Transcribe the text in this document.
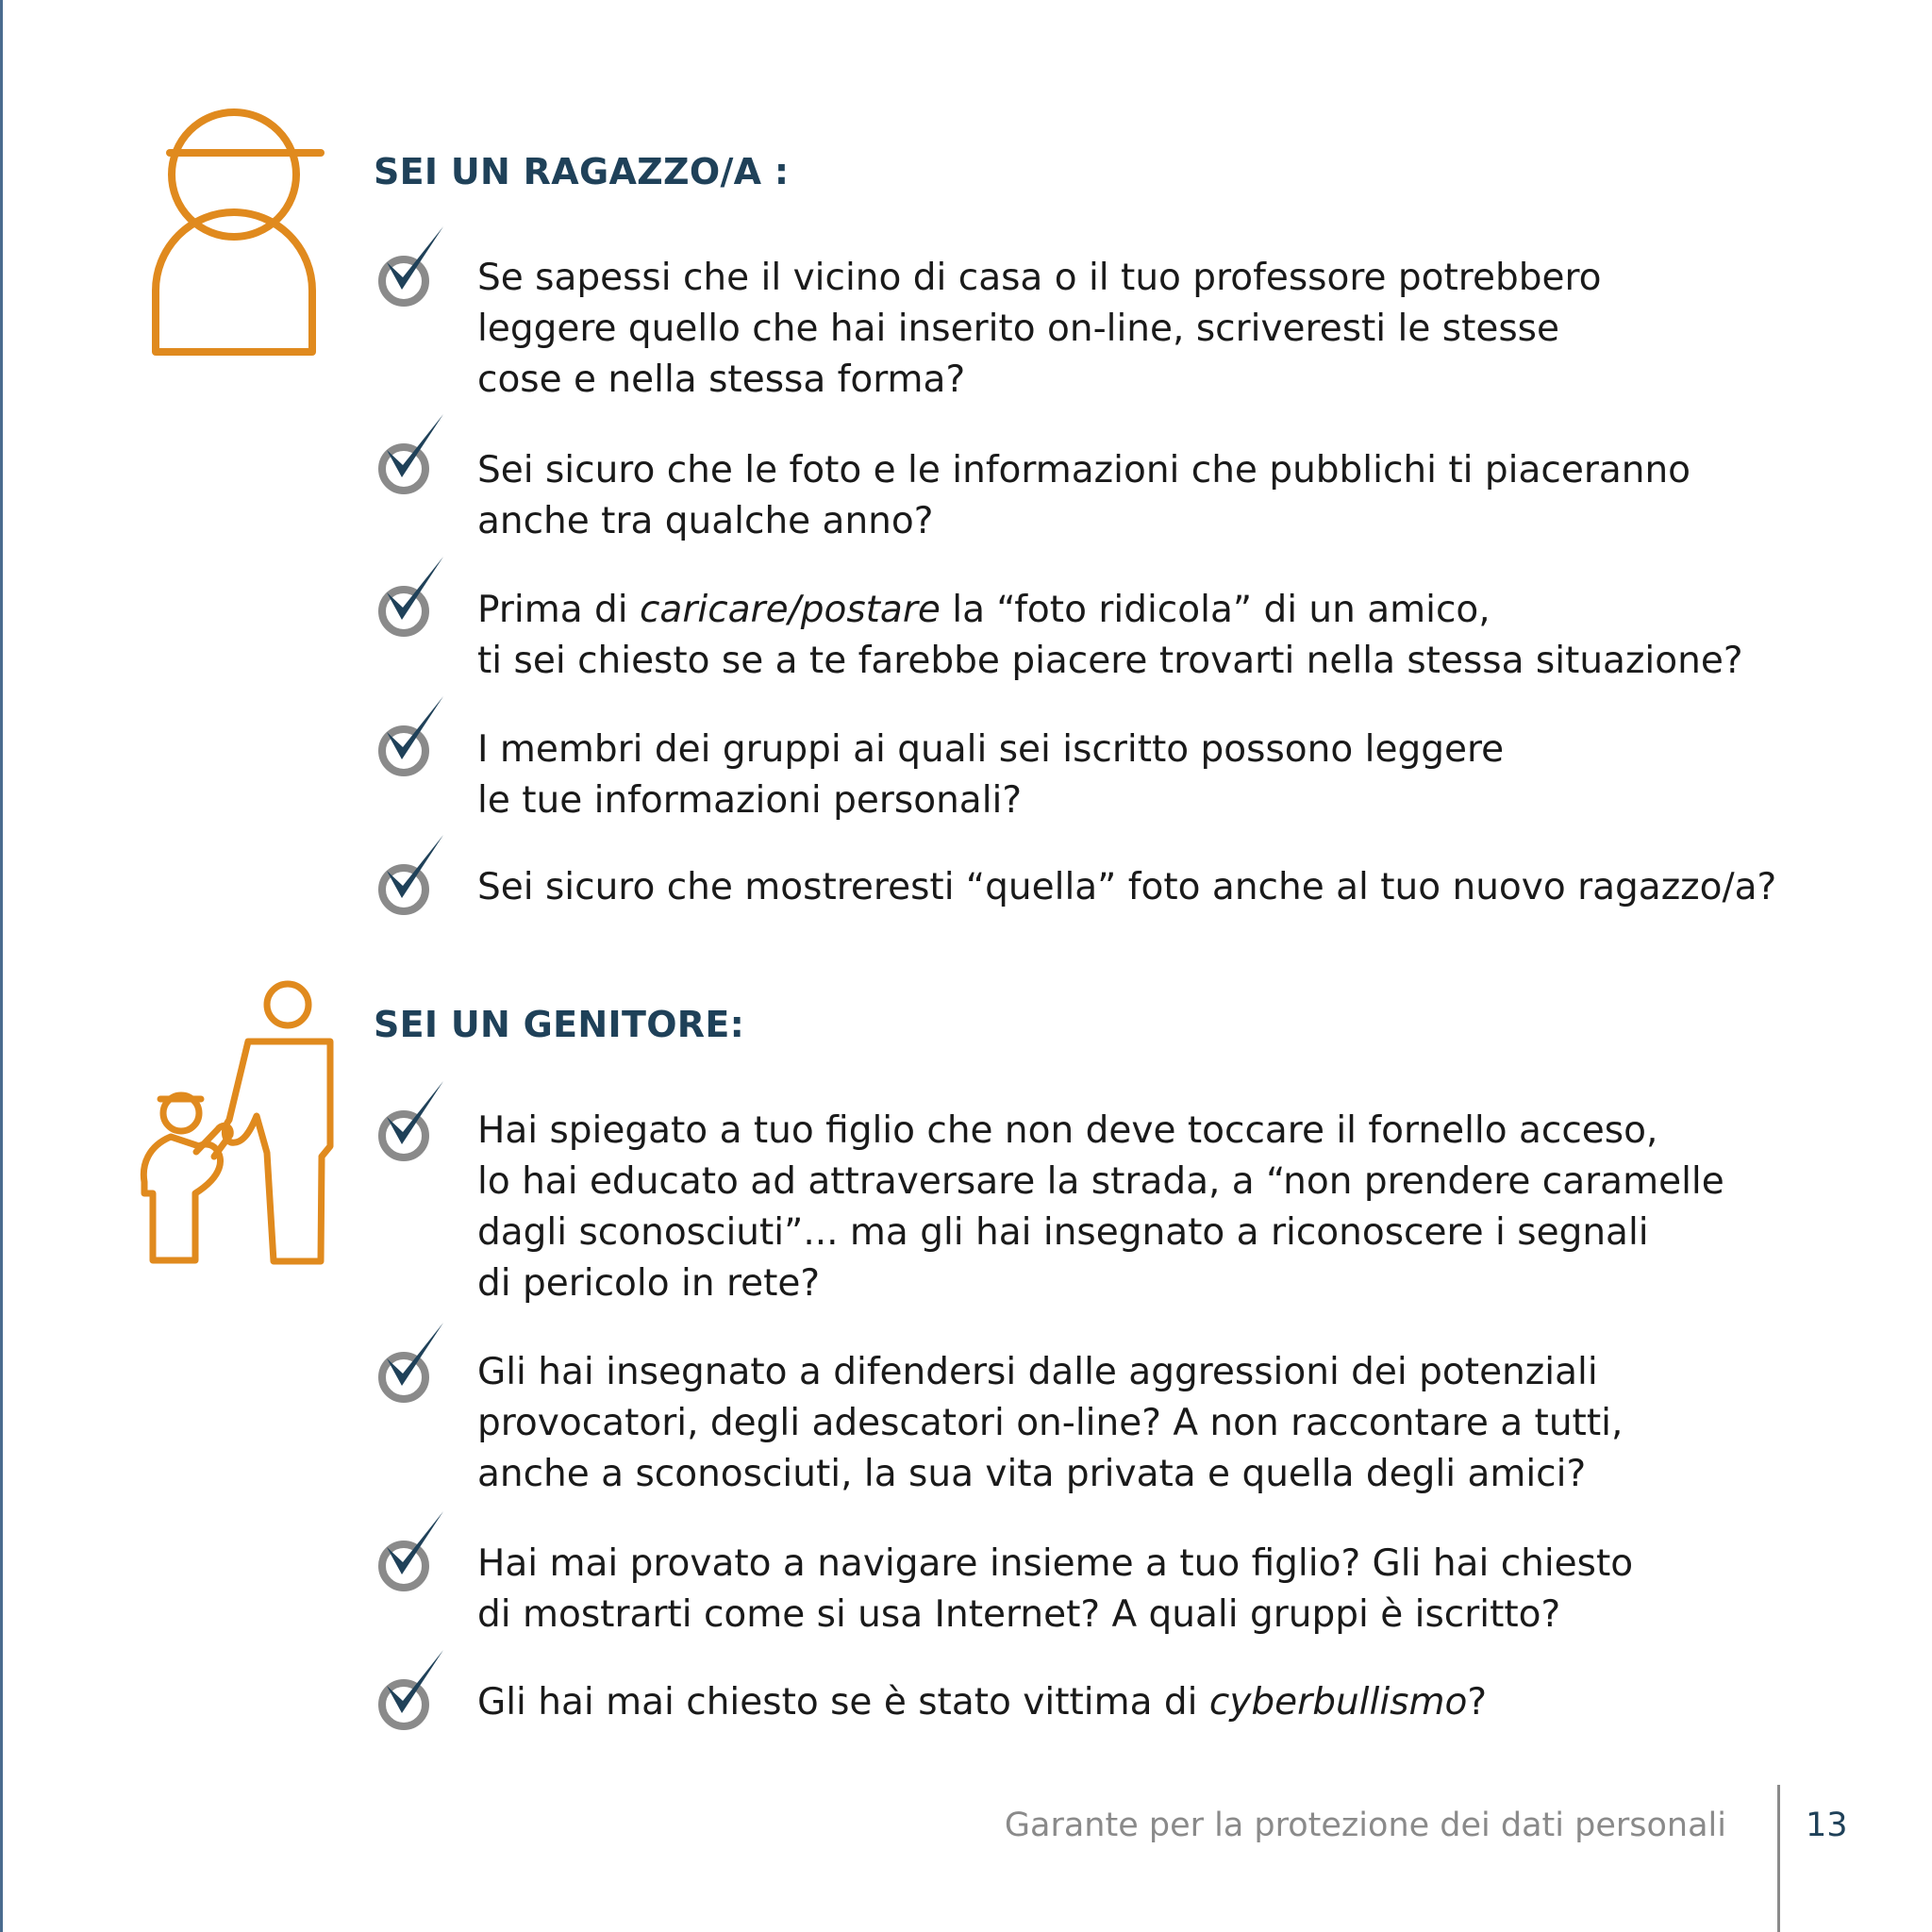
SEI UN RAGAZZO/A :

Se sapessi che il vicino di casa o il tuo professore potrebbero
leggere quello che hai inserito on-line, scriveresti le stesse
cose e nella stessa forma?

Sei sicuro che le foto e le informazioni che pubblichi ti piaceranno
anche tra qualche anno?

Prima di caricare/postare la “foto ridicola” di un amico,
ti sei chiesto se a te farebbe piacere trovarti nella stessa situazione?

I membri dei gruppi ai quali sei iscritto possono leggere
le tue informazioni personali?

Sei sicuro che mostreresti “quella” foto anche al tuo nuovo ragazzo/a?

SEI UN GENITORE:

Hai spiegato a tuo figlio che non deve toccare il fornello acceso,
lo hai educato ad attraversare la strada, a “non prendere caramelle
dagli sconosciuti”... ma gli hai insegnato a riconoscere i segnali
di pericolo in rete?

Gli hai insegnato a difendersi dalle aggressioni dei potenziali
provocatori, degli adescatori on-line? A non raccontare a tutti,
anche a sconosciuti, la sua vita privata e quella degli amici?

Hai mai provato a navigare insieme a tuo figlio? Gli hai chiesto
di mostrarti come si usa Internet? A quali gruppi è iscritto?

Gli hai mai chiesto se è stato vittima di cyberbullismo?

Garante per la protezione dei dati personali 13
